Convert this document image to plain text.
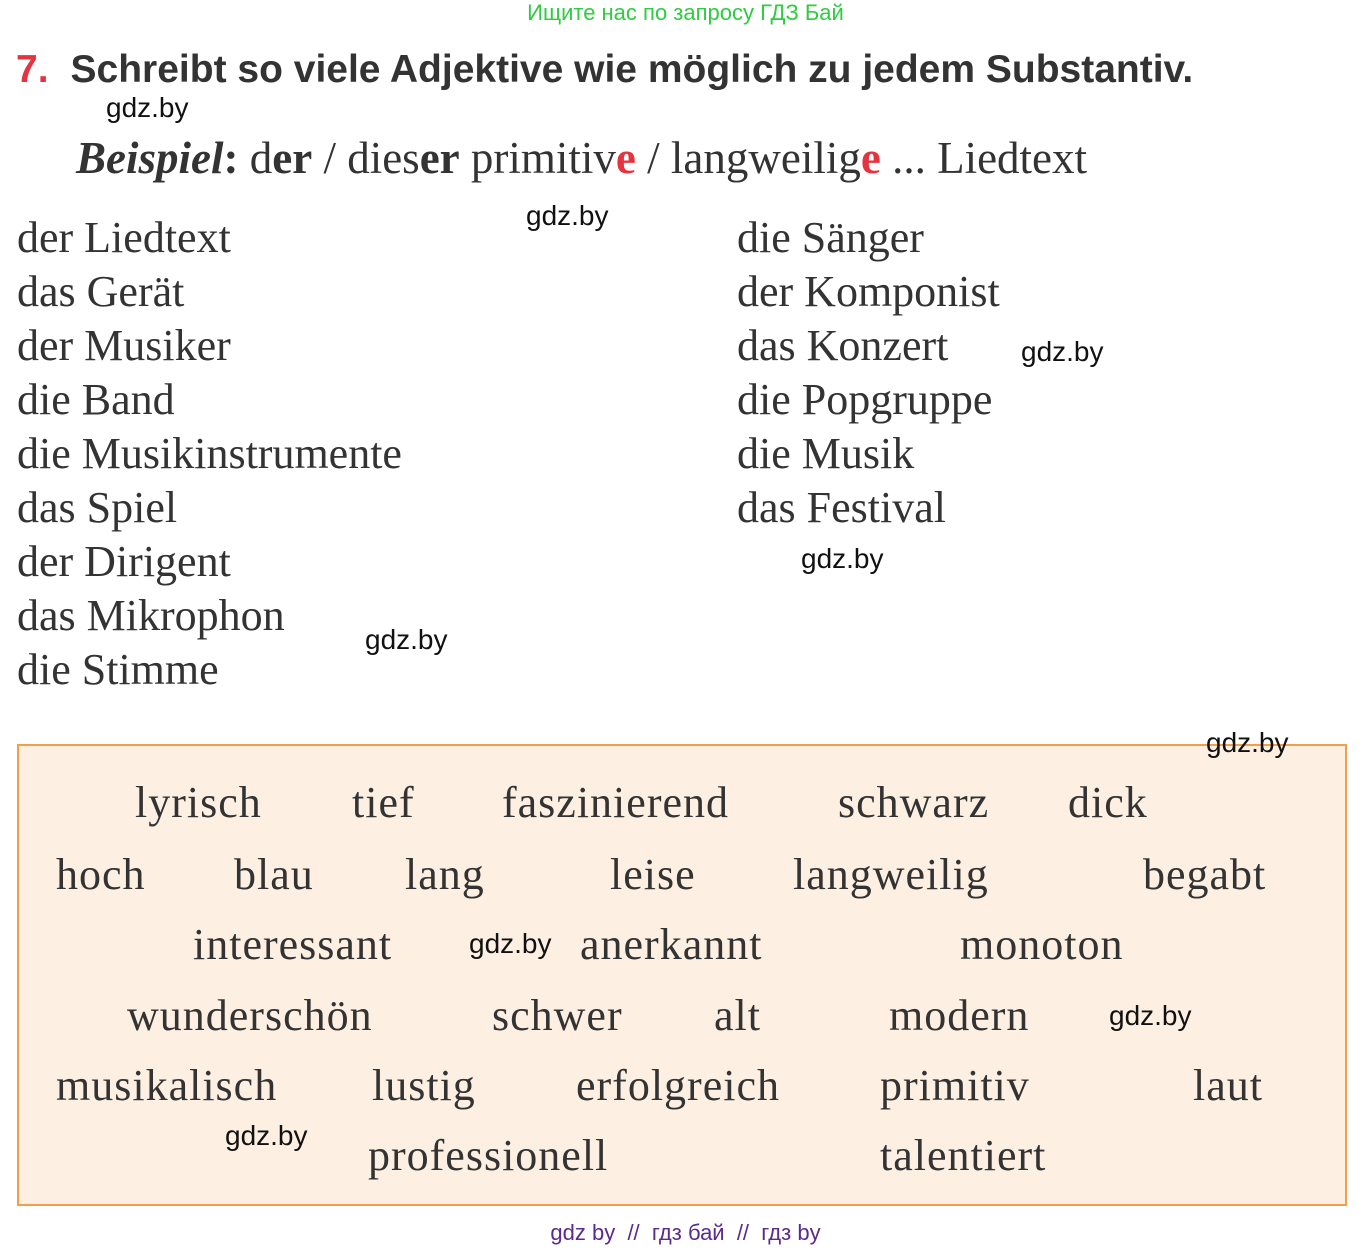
Ищите нас по запросу ГДЗ Бай
7. Schreibt so viele Adjektive wie möglich zu jedem Substantiv.
Beispiel: der / dieser primitive / langweilige ... Liedtext
der Liedtext
das Gerät
der Musiker
die Band
die Musikinstrumente
das Spiel
der Dirigent
das Mikrophon
die Stimme
die Sänger
der Komponist
das Konzert
die Popgruppe
die Musik
das Festival
lyrisch tief faszinierend schwarz dick
hoch blau lang	leise langweilig	begabt
interessant	anerkannt	monoton
wunderschön	schwer alt	modern
musikalisch lustig erfolgreich primitiv	laut
professionell	talentiert
gdz.by
gdz.by
gdz.by
gdz.by
gdz.by
gdz.by
gdz.by
gdz.by
gdz.by
gdz by  //  гдз бай  //  гдз by
